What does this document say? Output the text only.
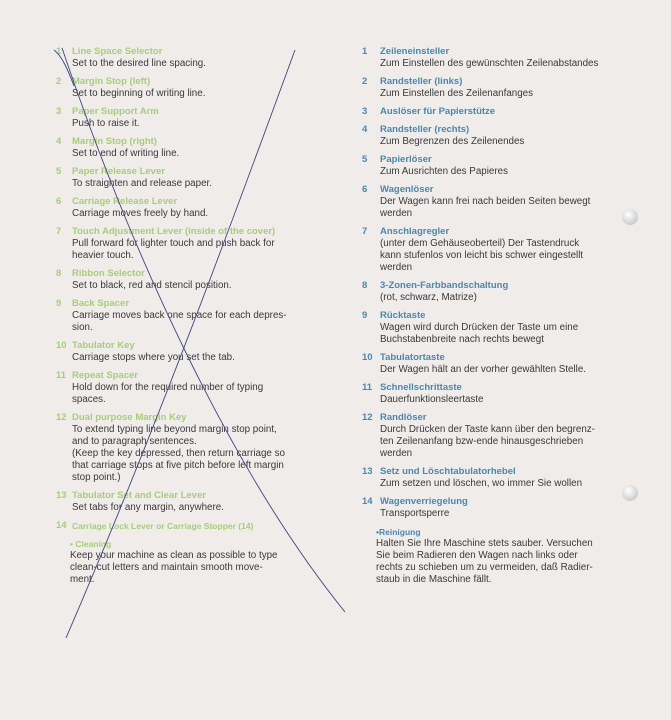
1 Line Space Selector
Set to the desired line spacing.
2 Margin Stop (left)
Set to beginning of writing line.
3 Paper Support Arm
Push to raise it.
4 Margin Stop (right)
Set to end of writing line.
5 Paper Release Lever
To straighten and release paper.
6 Carriage Release Lever
Carriage moves freely by hand.
7 Touch Adjustment Lever (inside of the cover)
Pull forward for lighter touch and push back for
heavier touch.
8 Ribbon Selector
Set to black, red and stencil position.
9 Back Spacer
Carriage moves back one space for each depres-
sion.
10 Tabulator Key
Carriage stops where you set the tab.
11 Repeat Spacer
Hold down for the required number of typing
spaces.
12 Dual purpose Margin Key
To extend typing line beyond margin stop point,
and to paragraph sentences.
(Keep the key depressed, then return carriage so
that carriage stops at five pitch before left margin
stop point.)
13 Tabulator Set and Clear Lever
Set tabs for any margin, anywhere.
14 Carriage Lock Lever or Carriage Stopper (14)
• Cleaning
Keep your machine as clean as possible to type
clean-cut letters and maintain smooth move-
ment.
1 Zeileneinsteller
Zum Einstellen des gewünschten Zeilenabstandes
2 Randsteller (links)
Zum Einstellen des Zeilenanfanges
3 Auslöser für Papierstütze
4 Randsteller (rechts)
Zum Begrenzen des Zeilenendes
5 Papierlöser
Zum Ausrichten des Papieres
6 Wagenlöser
Der Wagen kann frei nach beiden Seiten bewegt
werden
7 Anschlagregler
(unter dem Gehäuseoberteil) Der Tastendruck
kann stufenlos von leicht bis schwer eingestellt
werden
8 3-Zonen-Farbbandschaltung
(rot, schwarz, Matrize)
9 Rücktaste
Wagen wird durch Drücken der Taste um eine
Buchstabenbreite nach rechts bewegt
10 Tabulatortaste
Der Wagen hält an der vorher gewählten Stelle.
11 Schnellschrittaste
Dauerfunktionsleertaste
12 Randlöser
Durch Drücken der Taste kann über den begrenz-
ten Zeilenanfang bzw-ende hinausgeschrieben
werden
13 Setz und Löschtabulatorhebel
Zum setzen und löschen, wo immer Sie wollen
14 Wagenverriegelung
Transportsperre
•Reinigung
Halten Sie Ihre Maschine stets sauber. Versuchen
Sie beim Radieren den Wagen nach links oder
rechts zu schieben um zu vermeiden, daß Radier-
staub in die Maschine fällt.
